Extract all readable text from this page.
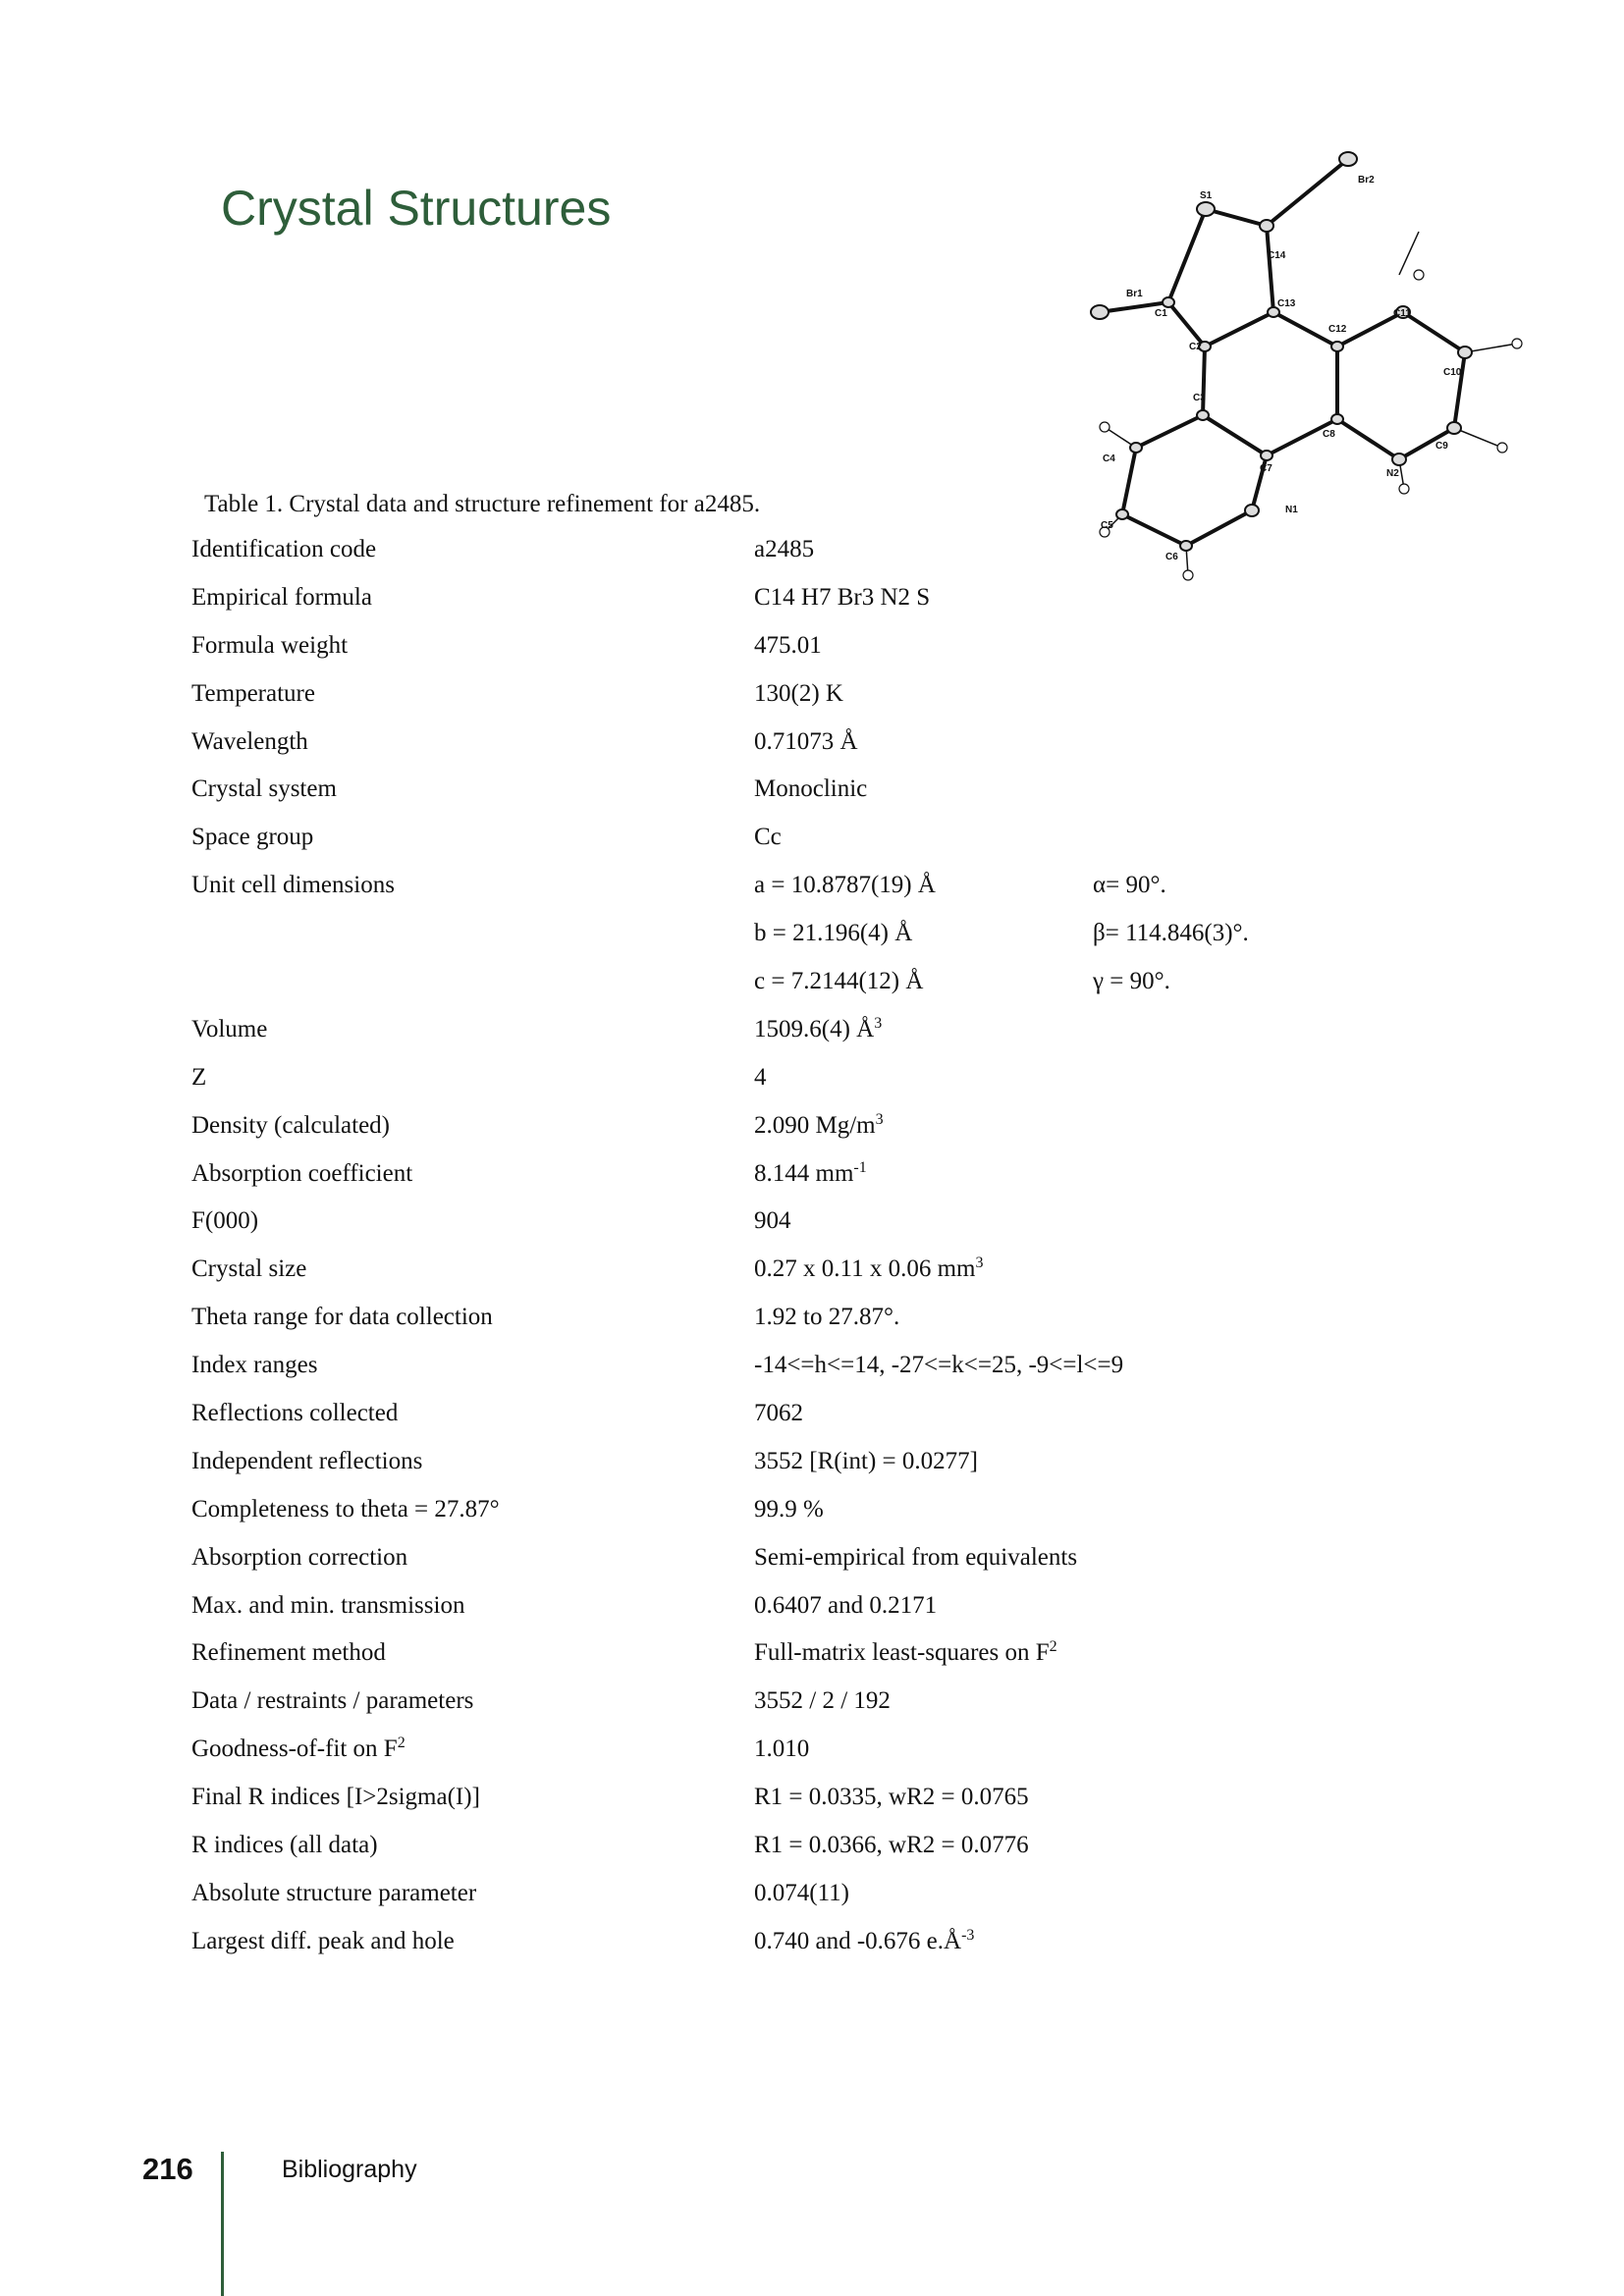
Crystal Structures	S1
Br2
C14
Br1
C1
C13
C12
C11
C2
C10
C3
C8
C9
C4
C7	N2
N1
C5
C6
Table 1. Crystal data and structure refinement for a2485.
Identification code	a2485
Empirical formula	C14 H7 Br3 N2 S
Formula weight	475.01
Temperature	130(2) K
Wavelength	0.71073 Å
Crystal system	Monoclinic
Space group	Cc
Unit cell dimensions	a = 10.8787(19) Å	α= 90°.
b = 21.196(4) Å	β= 114.846(3)°.
c = 7.2144(12) Å	γ = 90°.
Volume	1509.6(4) $Å^3$
Z	4
Density (calculated)	2.090 $Mg/m^3$
Absorption coefficient	8.144 $mm^{-1}$
F(000)	904
Crystal size	0.27 x 0.11 x 0.06 $mm^3$
Theta range for data collection	1.92 to 27.87°.
Index ranges	-14<=h<=14, -27<=k<=25, -9<=l<=9
Reflections collected	7062
Independent reflections	3552 [R(int) = 0.0277]
Completeness to theta = 27.87°	99.9 %
Absorption correction	Semi-empirical from equivalents
Max. and min. transmission	0.6407 and 0.2171
Refinement method	Full-matrix least-squares on $F^2$
Data / restraints / parameters	3552 / 2 / 192
Goodness-of-fit on $F^2$	1.010
Final R indices [I>2sigma(I)]	R1 = 0.0335, wR2 = 0.0765
R indices (all data)	R1 = 0.0366, wR2 = 0.0776
Absolute structure parameter	0.074(11)
Largest diff. peak and hole	0.740 and -0.676 $e.Å^{-3}$
216	Bibliography
